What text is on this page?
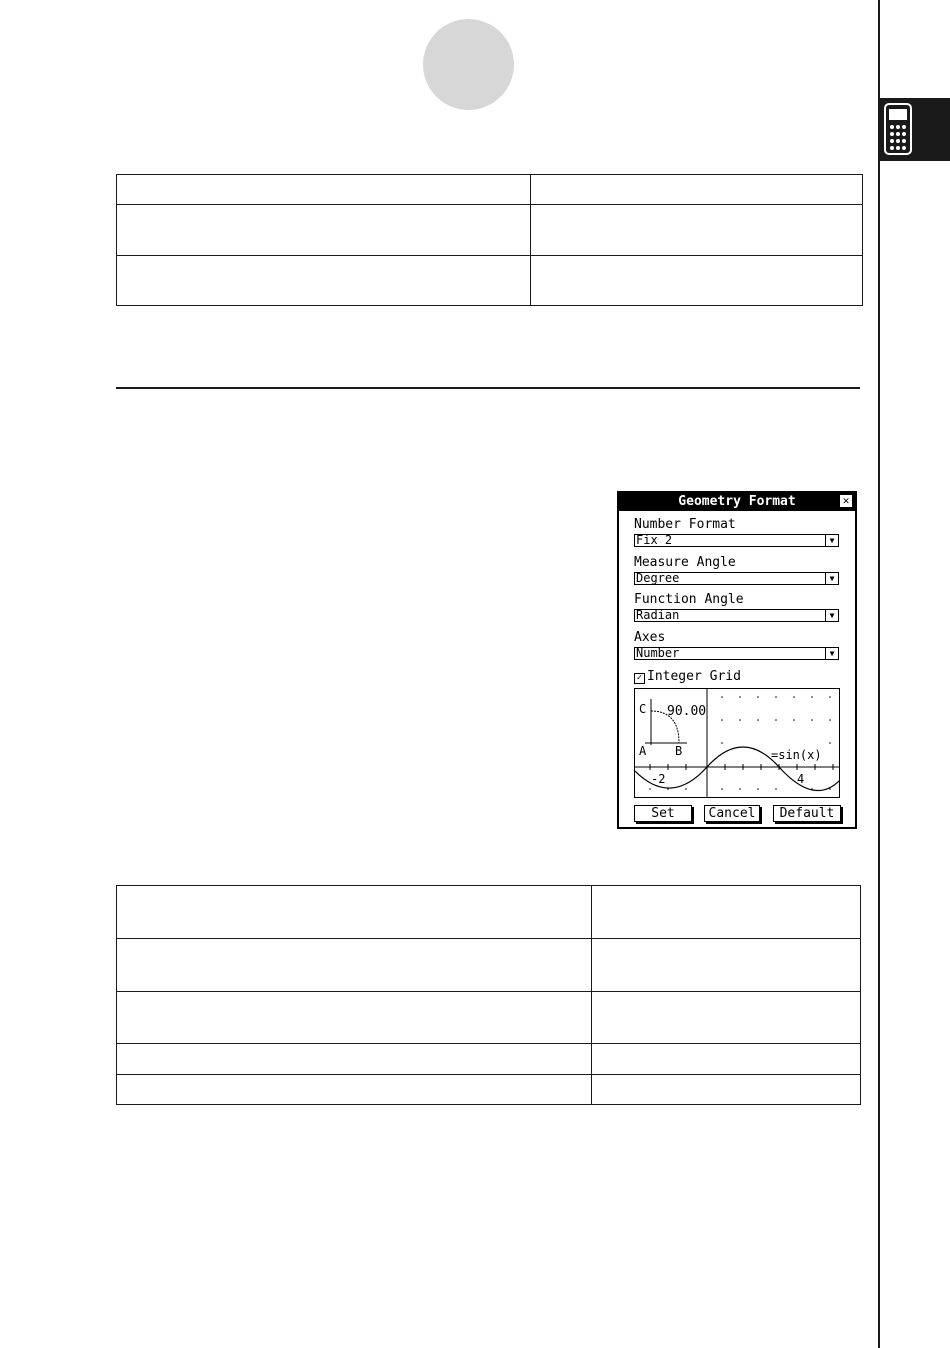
Geometry Format	✕
Number Format
Fix 2	▼
Measure Angle
Degree	▼
Function Angle
Radian	▼
Axes
Number	▼
✓ Integer Grid
C 90.00
A B	=sin(x)
-2	4
Set	Cancel	Default
